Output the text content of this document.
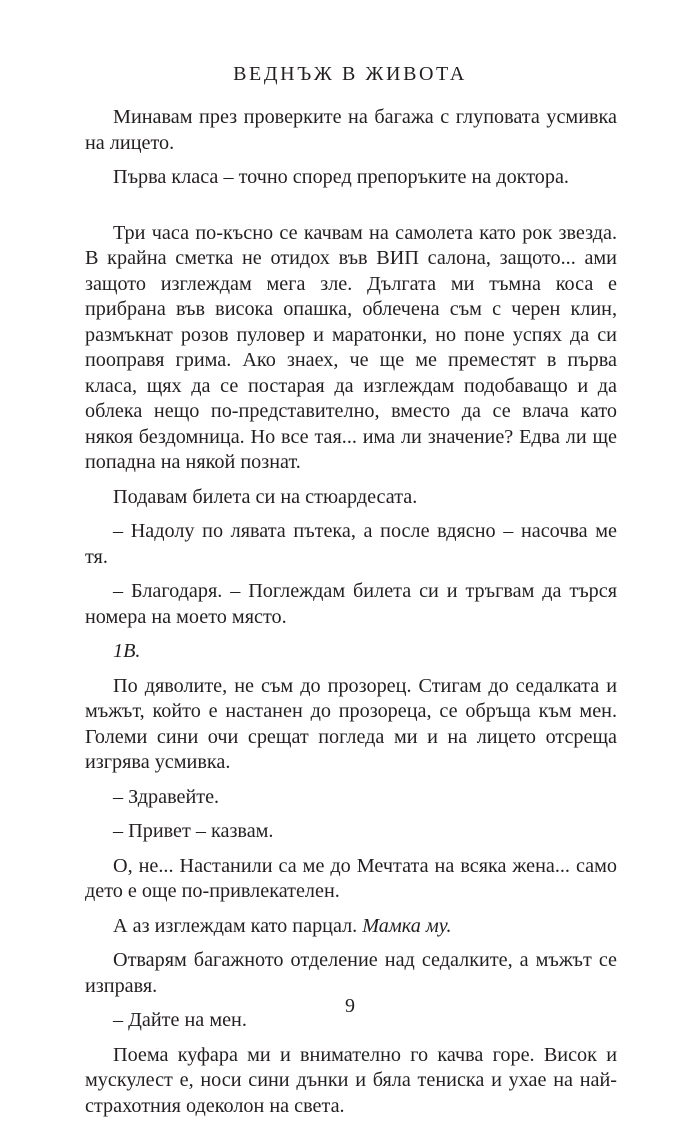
ВЕДНЪЖ В ЖИВОТА

Минавам през проверките на багажа с глуповата усмивка на лицето.

Първа класа – точно според препоръките на доктора.

Три часа по-късно се качвам на самолета като рок звезда. В крайна сметка не отидох във ВИП салона, защото... ами защото изглеждам мега зле. Дългата ми тъмна коса е прибрана във висока опашка, облечена съм с черен клин, размъкнат розов пуловер и маратонки, но поне успях да си пооправя грима. Ако знаех, че ще ме преместят в първа класа, щях да се постарая да изглеждам подобаващо и да облека нещо по-представително, вместо да се влача като някоя бездомница. Но все тая... има ли значение? Едва ли ще попадна на някой познат.

Подавам билета си на стюардесата.

– Надолу по лявата пътека, а после вдясно – насочва ме тя.

– Благодаря. – Поглеждам билета си и тръгвам да търся номера на моето място.

1В.

По дяволите, не съм до прозорец. Стигам до седалката и мъжът, който е настанен до прозореца, се обръща към мен. Големи сини очи срещат погледа ми и на лицето отсреща изгрява усмивка.

– Здравейте.

– Привет – казвам.

О, не... Настанили са ме до Мечтата на всяка жена... само дето е още по-привлекателен.

А аз изглеждам като парцал. Мамка му.

Отварям багажното отделение над седалките, а мъжът се изправя.

– Дайте на мен.

Поема куфара ми и внимателно го качва горе. Висок и мускулест е, носи сини дънки и бяла тениска и ухае на най-страхотния одеколон на света.

9
